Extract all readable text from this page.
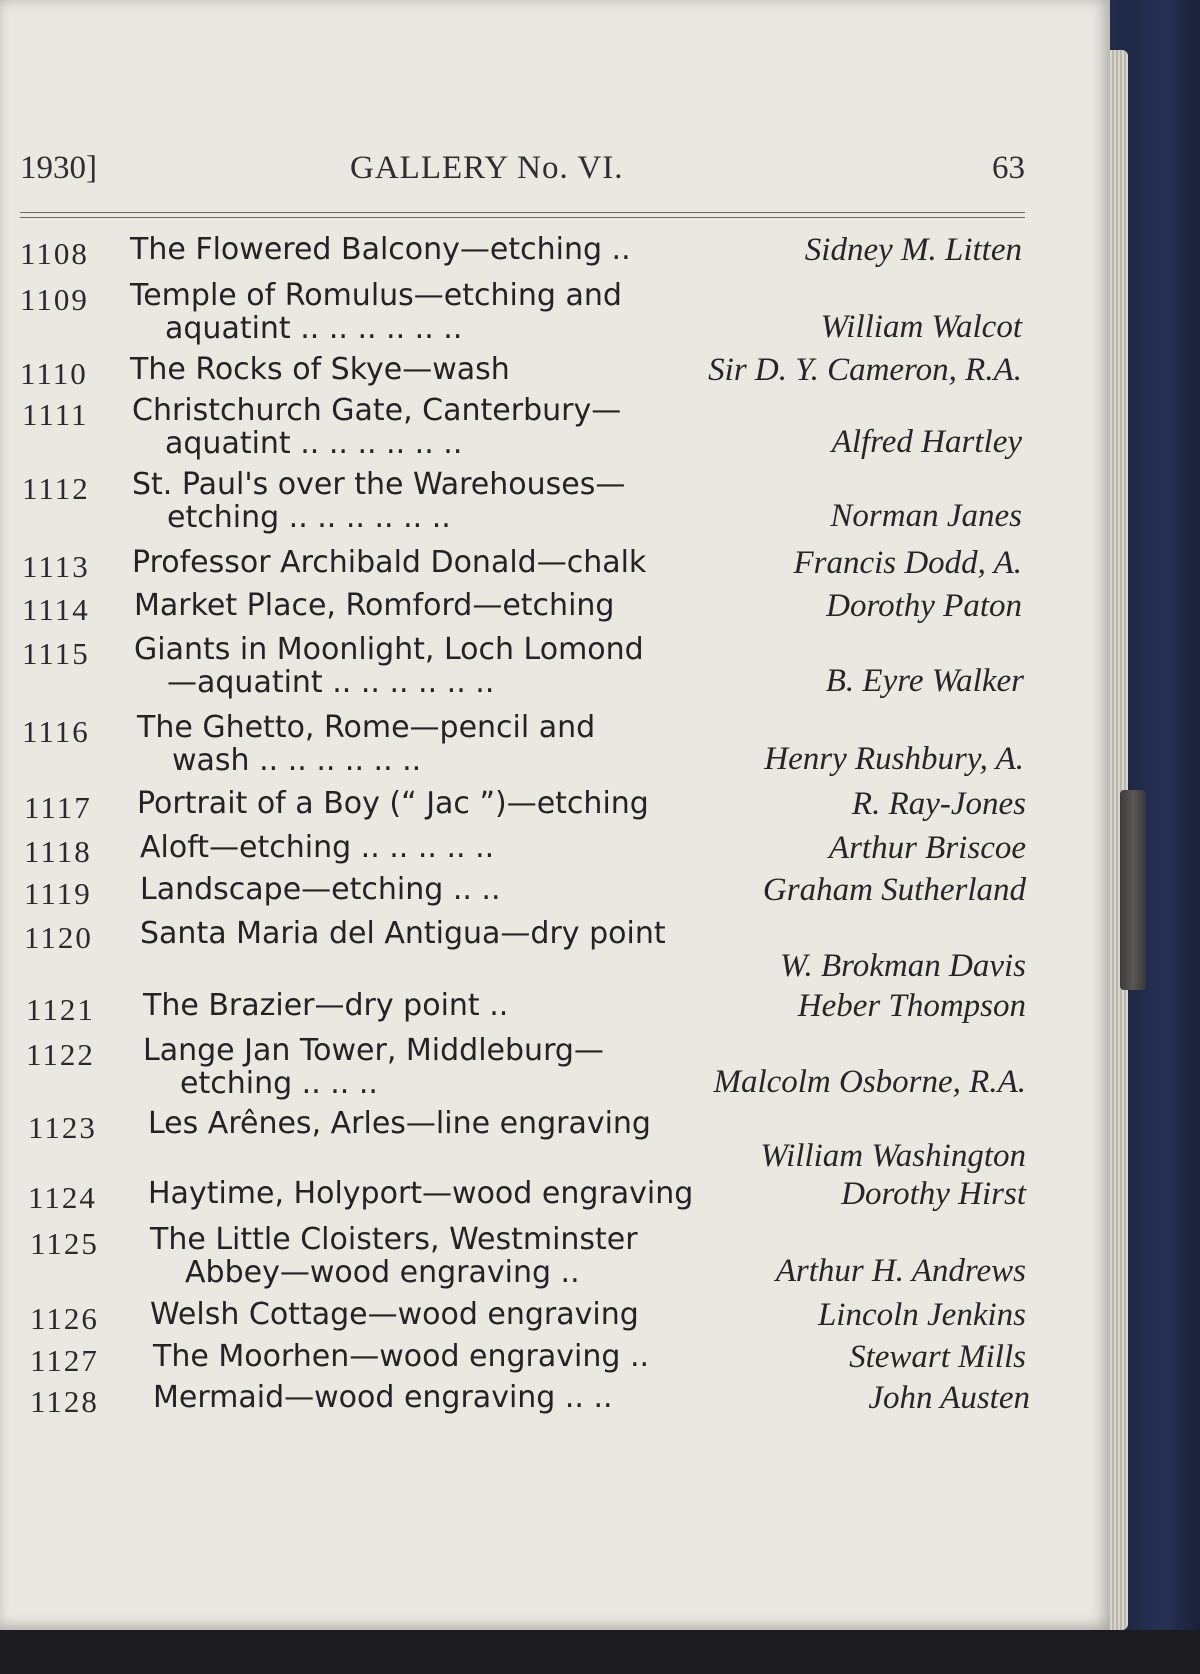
1930]	GALLERY No. VI.	63
1108 The Flowered Balcony—etching ..	Sidney M. Litten
1109 Temple of Romulus—etching and
aquatint .. .. .. .. .. ..	William Walcot
1110 The Rocks of Skye—wash	Sir D. Y. Cameron, R.A.
1111 Christchurch Gate, Canterbury—
aquatint .. .. .. .. .. ..	Alfred Hartley
1112 St. Paul's over the Warehouses—
etching .. .. .. .. .. ..	Norman Janes
1113 Professor Archibald Donald—chalk	Francis Dodd, A.
1114 Market Place, Romford—etching	Dorothy Paton
1115 Giants in Moonlight, Loch Lomond
—aquatint .. .. .. .. .. ..	B. Eyre Walker
1116 The Ghetto, Rome—pencil and
wash .. .. .. .. .. ..	Henry Rushbury, A.
1117 Portrait of a Boy (“ Jac ”)—etching	R. Ray-Jones
1118 Aloft—etching .. .. .. .. ..	Arthur Briscoe
1119 Landscape—etching .. ..	Graham Sutherland
1120 Santa Maria del Antigua—dry point
W. Brokman Davis
1121 The Brazier—dry point ..	Heber Thompson
1122 Lange Jan Tower, Middleburg—
etching .. .. ..	Malcolm Osborne, R.A.
1123 Les Arênes, Arles—line engraving
William Washington
1124 Haytime, Holyport—wood engraving	Dorothy Hirst
1125 The Little Cloisters, Westminster
Abbey—wood engraving ..	Arthur H. Andrews
1126 Welsh Cottage—wood engraving	Lincoln Jenkins
1127 The Moorhen—wood engraving ..	Stewart Mills
1128 Mermaid—wood engraving .. ..	John Austen
